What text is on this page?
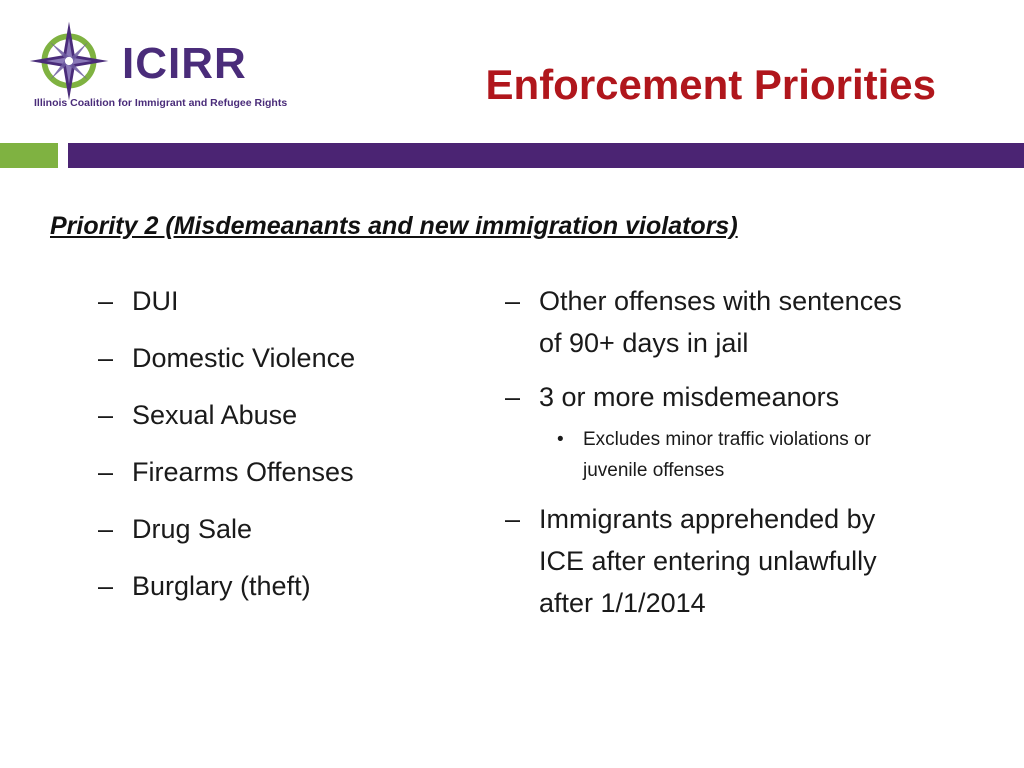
ICIRR
Illinois Coalition for Immigrant and Refugee Rights	Enforcement Priorities
Priority 2 (Misdemeanants and new immigration violators)
– DUI
– Domestic Violence
– Sexual Abuse
– Firearms Offenses
– Drug Sale
– Burglary (theft)
– Other offenses with sentences of 90+ days in jail
– 3 or more misdemeanors
• Excludes minor traffic violations or juvenile offenses
– Immigrants apprehended by ICE after entering unlawfully after 1/1/2014
